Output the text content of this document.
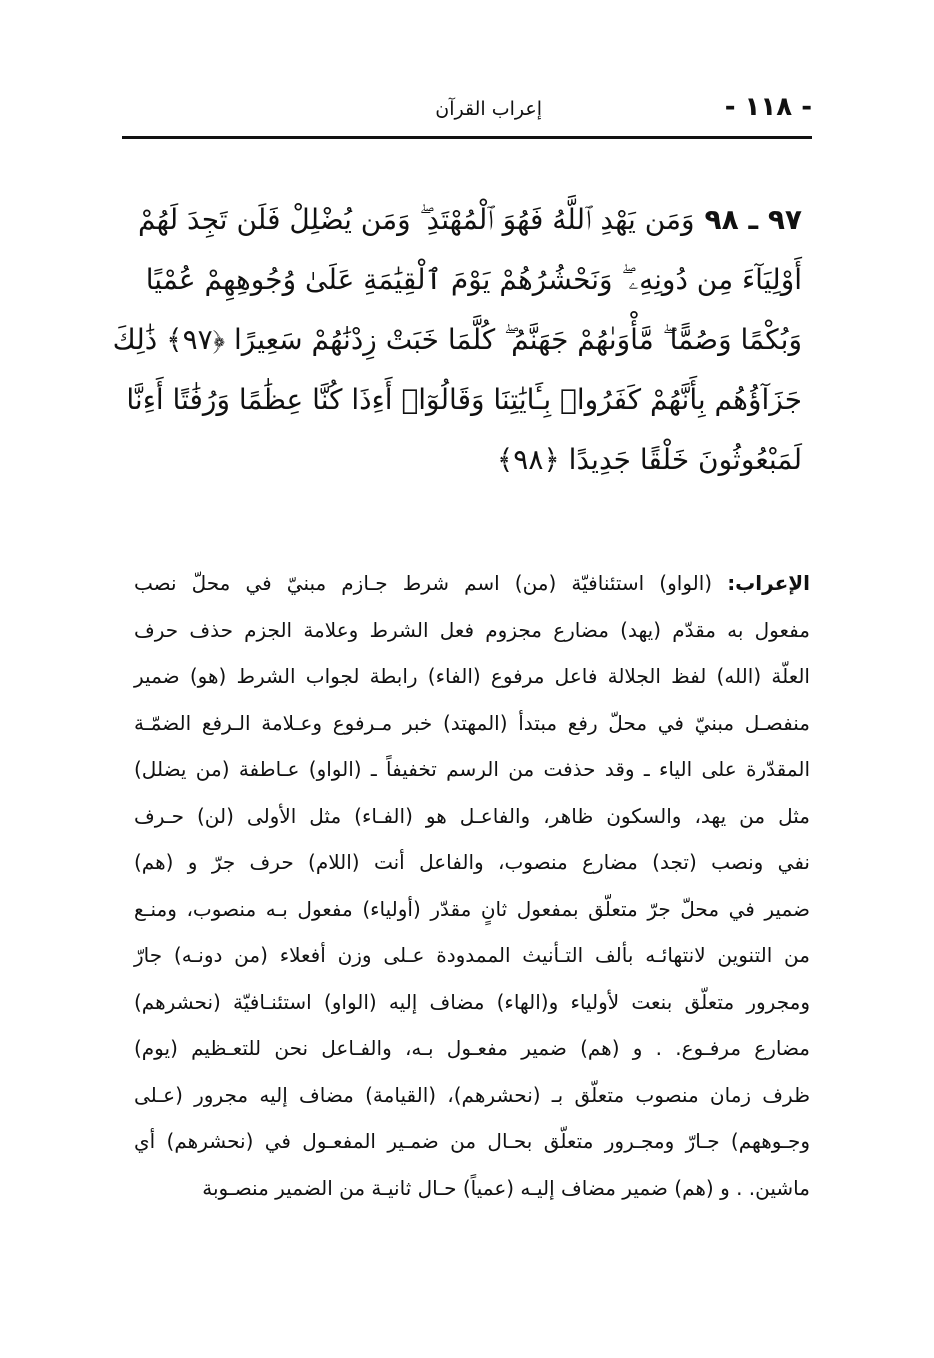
- ١١٨ -
إعراب القرآن
٩٧ ـ ٩٨وَمَن يَهْدِ ٱللَّهُ فَهُوَ ٱلْمُهْتَدِ ۖ وَمَن يُضْلِلْ فَلَن تَجِدَ لَهُمْ
أَوْلِيَآءَ مِن دُونِهِۦ ۖ وَنَحْشُرُهُمْ يَوْمَ ٱلْقِيَٰمَةِ عَلَىٰ وُجُوهِهِمْ عُمْيًا
وَبُكْمًا وَصُمًّا ۖ مَّأْوَىٰهُمْ جَهَنَّمُ ۖ كُلَّمَا خَبَتْ زِدْنَٰهُمْ سَعِيرًا ﴿٩٧﴾ ذَٰلِكَ
جَزَآؤُهُم بِأَنَّهُمْ كَفَرُوا۟ بِـَٔايَٰتِنَا وَقَالُوٓا۟ أَءِذَا كُنَّا عِظَٰمًا وَرُفَٰتًا أَءِنَّا
لَمَبْعُوثُونَ خَلْقًا جَدِيدًا ﴿٩٨﴾
الإعراب: (الواو) استئنافيّة (من) اسم شرط جـازم مبنيّ في محلّ نصب
مفعول به مقدّم (يهد) مضارع مجزوم فعل الشرط وعلامة الجزم حذف حرف
العلّة (الله) لفظ الجلالة فاعل مرفوع (الفاء) رابطة لجواب الشرط (هو) ضمير
منفصـل مبنيّ في محلّ رفع مبتدأ (المهتد) خبر مـرفوع وعـلامة الـرفع الضمّـة
المقدّرة على الياء ـ وقد حذفت من الرسم تخفيفاً ـ (الواو) عـاطفة (من يضلل)
مثل من يهد، والسكون ظاهر، والفاعـل هو (الفـاء) مثل الأولى (لن) حـرف
نفي ونصب (تجد) مضارع منصوب، والفاعل أنت (اللام) حرف جرّ و (هم)
ضمير في محلّ جرّ متعلّق بمفعول ثانٍ مقدّر (أولياء) مفعول بـه منصوب، ومنـع
من التنوين لانتهائـه بألف التـأنيث الممدودة عـلى وزن أفعلاء (من دونـه) جارّ
ومجرور متعلّق بنعت لأولياء و(الهاء) مضاف إليه (الواو) استئنـافيّة (نحشرهم)
مضارع مرفـوع. . و (هم) ضمير مفعـول بـه، والفـاعل نحن للتعـظيم (يوم)
ظرف زمان منصوب متعلّق بـ (نحشرهم)، (القيامة) مضاف إليه مجرور (عـلى
وجـوههم) جـارّ ومجـرور متعلّق بحـال من ضمـير المفعـول في (نحشرهم) أي
ماشين. . و (هم) ضمير مضاف إليـه (عمياً) حـال ثانيـة من الضمير منصـوبة
